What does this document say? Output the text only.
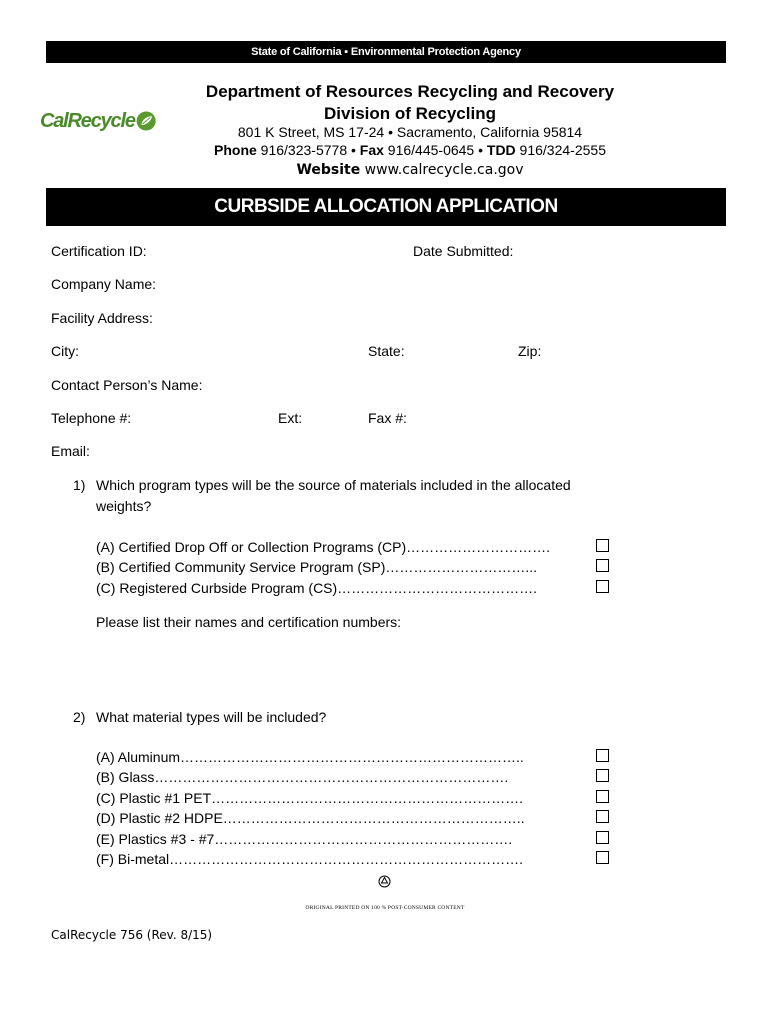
State of California ▪ Environmental Protection Agency
CalRecycle
Department of Resources Recycling and Recovery
Division of Recycling
801 K Street, MS 17-24 • Sacramento, California 95814
Phone 916/323-5778 • Fax 916/445-0645 • TDD 916/324-2555
Website www.calrecycle.ca.gov
CURBSIDE ALLOCATION APPLICATION
Certification ID:	Date Submitted:
Company Name:
Facility Address:
City:	State:	Zip:
Contact Person’s Name:
Telephone #:	Ext:	Fax #:
Email:
1) Which program types will be the source of materials included in the allocated
weights?
(A) Certified Drop Off or Collection Programs (CP)………………………….
(B) Certified Community Service Program (SP)…………………………...
(C) Registered Curbside Program (CS)…………………………………….
Please list their names and certification numbers:
2) What material types will be included?
(A) Aluminum………………………………………………………………..
(B) Glass………………………………………………………………….
(C) Plastic #1 PET………………………………………………………….
(D) Plastic #2 HDPE………………………………………………………..
(E) Plastics #3 - #7……………………………………………………….
(F) Bi-metal………………………………………………………………….
ORIGINAL PRINTED ON 100 % POST-CONSUMER CONTENT
CalRecycle 756 (Rev. 8/15)
